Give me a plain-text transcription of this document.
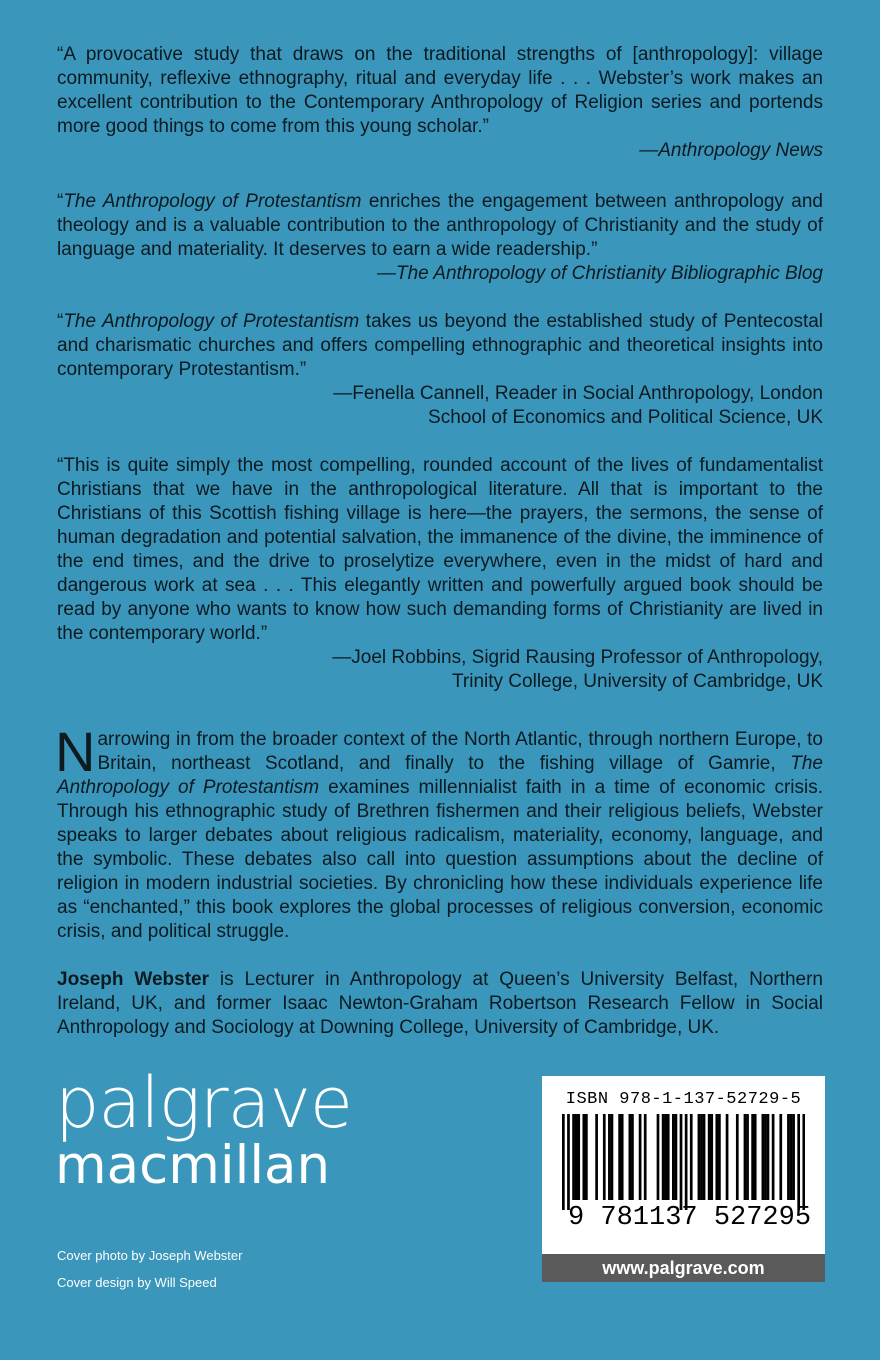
“A provocative study that draws on the traditional strengths of [anthropology]: village community, reflexive ethnography, ritual and everyday life . . . Webster’s work makes an excellent contribution to the Contemporary Anthropology of Religion series and portends more good things to come from this young scholar.”

—Anthropology News

“The Anthropology of Protestantism enriches the engagement between anthropology and theology and is a valuable contribution to the anthropology of Christianity and the study of language and materiality. It deserves to earn a wide readership.”

—The Anthropology of Christianity Bibliographic Blog

“The Anthropology of Protestantism takes us beyond the established study of Pentecostal and charismatic churches and offers compelling ethnographic and theoretical insights into contemporary Protestantism.”

—Fenella Cannell, Reader in Social Anthropology, London

School of Economics and Political Science, UK

“This is quite simply the most compelling, rounded account of the lives of fundamentalist Christians that we have in the anthropological literature. All that is important to the Christians of this Scottish fishing village is here—the prayers, the sermons, the sense of human degradation and potential salvation, the immanence of the divine, the imminence of the end times, and the drive to proselytize everywhere, even in the midst of hard and dangerous work at sea . . . This elegantly written and powerfully argued book should be read by anyone who wants to know how such demanding forms of Christianity are lived in the contemporary world.”

—Joel Robbins, Sigrid Rausing Professor of Anthropology,

Trinity College, University of Cambridge, UK

Narrowing in from the broader context of the North Atlantic, through northern Europe, to Britain, northeast Scotland, and finally to the fishing village of Gamrie, The Anthropology of Protestantism examines millennialist faith in a time of economic crisis. Through his ethnographic study of Brethren fishermen and their religious beliefs, Webster speaks to larger debates about religious radicalism, materiality, economy, language, and the symbolic. These debates also call into question assumptions about the decline of religion in modern industrial societies. By chronicling how these individuals experience life as “enchanted,” this book explores the global processes of religious conversion, economic crisis, and political struggle.

Joseph Webster is Lecturer in Anthropology at Queen’s University Belfast, Northern Ireland, UK, and former Isaac Newton-Graham Robertson Research Fellow in Social Anthropology and Sociology at Downing College, University of Cambridge, UK.

palgrave
macmillan
Cover photo by Joseph Webster
Cover design by Will Speed
ISBN 978-1-137-52729-5
9 781137 527295
www.palgrave.com
